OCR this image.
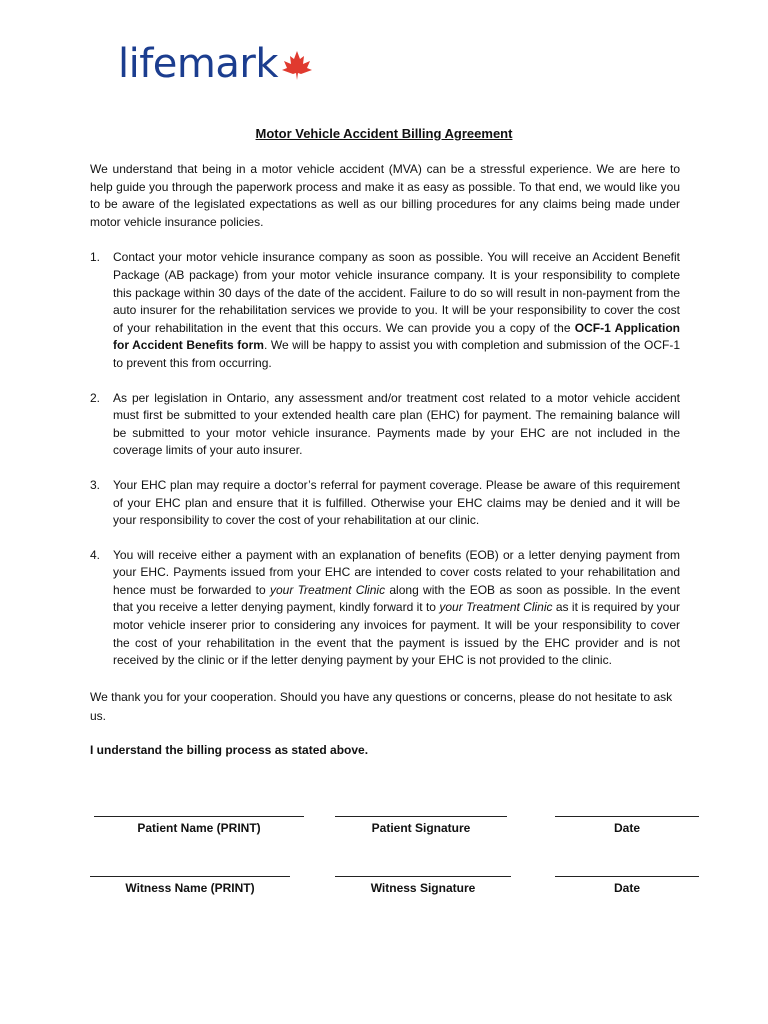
lifemark
Motor Vehicle Accident Billing Agreement

We understand that being in a motor vehicle accident (MVA) can be a stressful experience. We are here to help guide you through the paperwork process and make it as easy as possible. To that end, we would like you to be aware of the legislated expectations as well as our billing procedures for any claims being made under motor vehicle insurance policies.

1. Contact your motor vehicle insurance company as soon as possible. You will receive an Accident Benefit Package (AB package) from your motor vehicle insurance company. It is your responsibility to complete this package within 30 days of the date of the accident. Failure to do so will result in non-payment from the auto insurer for the rehabilitation services we provide to you. It will be your responsibility to cover the cost of your rehabilitation in the event that this occurs. We can provide you a copy of the OCF-1 Application for Accident Benefits form. We will be happy to assist you with completion and submission of the OCF-1 to prevent this from occurring.
2. As per legislation in Ontario, any assessment and/or treatment cost related to a motor vehicle accident must first be submitted to your extended health care plan (EHC) for payment. The remaining balance will be submitted to your motor vehicle insurance. Payments made by your EHC are not included in the coverage limits of your auto insurer.
3. Your EHC plan may require a doctor’s referral for payment coverage. Please be aware of this requirement of your EHC plan and ensure that it is fulfilled. Otherwise your EHC claims may be denied and it will be your responsibility to cover the cost of your rehabilitation at our clinic.
4. You will receive either a payment with an explanation of benefits (EOB) or a letter denying payment from your EHC. Payments issued from your EHC are intended to cover costs related to your rehabilitation and hence must be forwarded to your Treatment Clinic along with the EOB as soon as possible. In the event that you receive a letter denying payment, kindly forward it to your Treatment Clinic as it is required by your motor vehicle inserer prior to considering any invoices for payment. It will be your responsibility to cover the cost of your rehabilitation in the event that the payment is issued by the EHC provider and is not received by the clinic or if the letter denying payment by your EHC is not provided to the clinic.

We thank you for your cooperation. Should you have any questions or concerns, please do not hesitate to ask us.

I understand the billing process as stated above.

Patient Name (PRINT)	Patient Signature	Date
Witness Name (PRINT)	Witness Signature	Date
